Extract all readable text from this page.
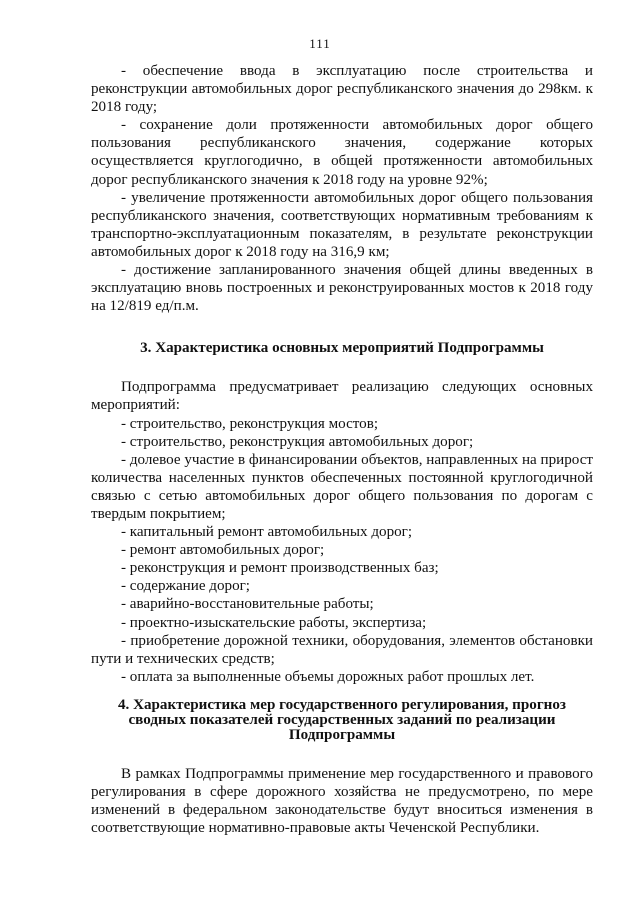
111

- обеспечение ввода в эксплуатацию после строительства и реконструкции автомобильных дорог республиканского значения до 298км. к 2018 году;

- сохранение доли протяженности автомобильных дорог общего пользования республиканского значения, содержание которых осуществляется круглогодично, в общей протяженности автомобильных дорог республиканского значения к 2018 году на уровне 92%;

- увеличение протяженности автомобильных дорог общего пользования республиканского значения, соответствующих нормативным требованиям к транспортно-эксплуатационным показателям, в результате реконструкции автомобильных дорог к 2018 году на 316,9 км;

- достижение запланированного значения общей длины введенных в эксплуатацию вновь построенных и реконструированных мостов к 2018 году на 12/819 ед/п.м.

3. Характеристика основных мероприятий Подпрограммы

Подпрограмма предусматривает реализацию следующих основных мероприятий:

- строительство, реконструкция мостов;

- строительство, реконструкция автомобильных дорог;

- долевое участие в финансировании объектов, направленных на прирост количества населенных пунктов обеспеченных постоянной круглогодичной связью с сетью автомобильных дорог общего пользования по дорогам с твердым покрытием;

- капитальный ремонт автомобильных дорог;

- ремонт автомобильных дорог;

- реконструкция и ремонт производственных баз;

- содержание дорог;

- аварийно-восстановительные работы;

- проектно-изыскательские работы, экспертиза;

- приобретение дорожной техники, оборудования, элементов обстановки пути и технических средств;

- оплата за выполненные объемы дорожных работ прошлых лет.

4. Характеристика мер государственного регулирования, прогноз сводных показателей государственных заданий по реализации Подпрограммы

В рамках Подпрограммы применение мер государственного и правового регулирования в сфере дорожного хозяйства не предусмотрено, по мере изменений в федеральном законодательстве будут вноситься изменения в соответствующие нормативно-правовые акты Чеченской Республики.
